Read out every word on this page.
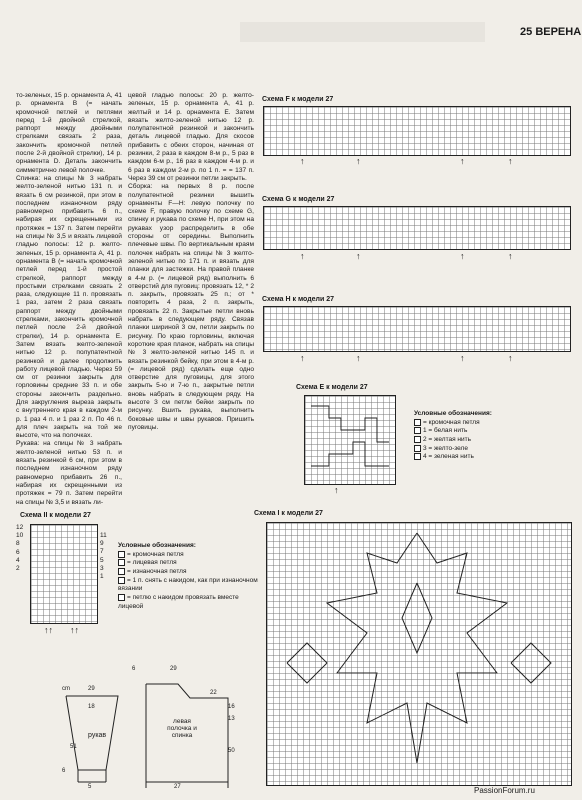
25 ВЕРЕНА

то-зеленых, 15 р. орнамента А, 41 р. орнамента В (= начать кромочной петлей и петлями перед 1-й двойной стрелкой, раппорт между двойными стрелками связать 2 раза, закончить кромочной петлей после 2-й двойной стрелки), 14 р. орнамента D. Деталь закончить симметрично левой полочке.

Спинка: на спицы № 3 набрать желто-зеленой нитью 131 п. и вязать 6 см резинкой, при этом в последнем изнаночном ряду равномерно прибавить 6 п., набирая их скрещенными из протяжек = 137 п. Затем перейти на спицы № 3,5 и вязать лицевой гладью полосы: 12 р. желто-зеленых, 15 р. орнамента А, 41 р. орнамента В (= начать кромочной петлей перед 1-й простой стрелкой, раппорт между простыми стрелками связать 2 раза, следующие 11 п. провязать 1 раз, затем 2 раза связать раппорт между двойными стрелками, закончить кромочной петлей после 2-й двойной стрелки), 14 р. орнамента Е. Затем вязать желто-зеленой нитью 12 р. полупатентной резинкой и далее продолжить работу лицевой гладью. Через 59 см от резинки закрыть для горловины средние 33 п. и обе стороны закончить раздельно. Для закругления выреза закрыть с внутреннего края в каждом 2-м р. 1 раз 4 п. и 1 раз 2 п. По 46 п. для плеч закрыть на той же высоте, что на полочках.

Рукава: на спицы № 3 набрать желто-зеленой нитью 53 п. и вязать резинкой 6 см, при этом в последнем изнаночном ряду равномерно прибавить 26 п., набирая их скрещенными из протяжек = 79 п. Затем перейти на спицы № 3,5 и вязать ли-

цевой гладью полосы: 20 р. желто-зеленых, 15 р. орнамента А, 41 р. желтый и 14 р. орнамента Е. Затем вязать желто-зеленой нитью 12 р. полупатентной резинкой и закончить деталь лицевой гладью. Для скосов прибавить с обеих сторон, начиная от резинки, 2 раза в каждом 8-м р., 5 раз в каждом 6-м р., 16 раз в каждом 4-м р. и 6 раз в каждом 2-м р. по 1 п. = = 137 п. Через 39 см от резинки петли закрыть.

Сборка: на первых 8 р. после полупатентной резинки вышить орнаменты F—H: левую полочку по схеме F, правую полочку по схеме G, спинку и рукава по схеме H, при этом на рукавах узор распределить в обе стороны от середины. Выполнить плечевые швы. По вертикальным краям полочек набрать на спицы № 3 желто-зеленой нитью по 171 п. и вязать для планки для застежки. На правой планке в 4-м р. (= лицевой ряд) выполнить 6 отверстий для пуговиц: провязать 12, * 2 п. закрыть, провязать 25 п.; от * повторить 4 раза, 2 п. закрыть, провязать 22 п. Закрытые петли вновь набрать в следующем ряду. Связав планки шириной 3 см, петли закрыть по рисунку. По краю горловины, включая короткие края планок, набрать на спицы № 3 желто-зеленой нитью 145 п. и вязать резинкой бейку, при этом в 4-м р. (= лицевой ряд) сделать еще одно отверстие для пуговицы, для этого закрыть 5-ю и 7-ю п., закрытые петли вновь набрать в следующем ряду. На высоте 3 см петли бейки закрыть по рисунку. Вшить рукава, выполнить боковые швы и швы рукавов. Пришить пуговицы.

Схема F к модели 27
↑	↑	↑	↑
Схема G к модели 27
↑	↑	↑	↑
Схема H к модели 27
↑	↑	↑	↑
Схема E к модели 27
↑
Условные обозначения:
= кромочная петля
1 = белая нить
2 = желтая нить
3 = желто-зеле
4 = зеленая нить
Схема II к модели 27
12
10
8
6
4
2
11
9
7
5
3
1
↑↑ ↑↑
Условные обозначения:
= кромочная петля
= лицевая петля
= изнаночная петля
= 1 п. снять с накидом, как при изнаночном вязании
= петлю с накидом провязать вместе лицевой
рукав
cm	29
18
51
6
5
левая полочка и спинка
6	29
22
16
13
50
27
Схема I к модели 27
PassionForum.ru
